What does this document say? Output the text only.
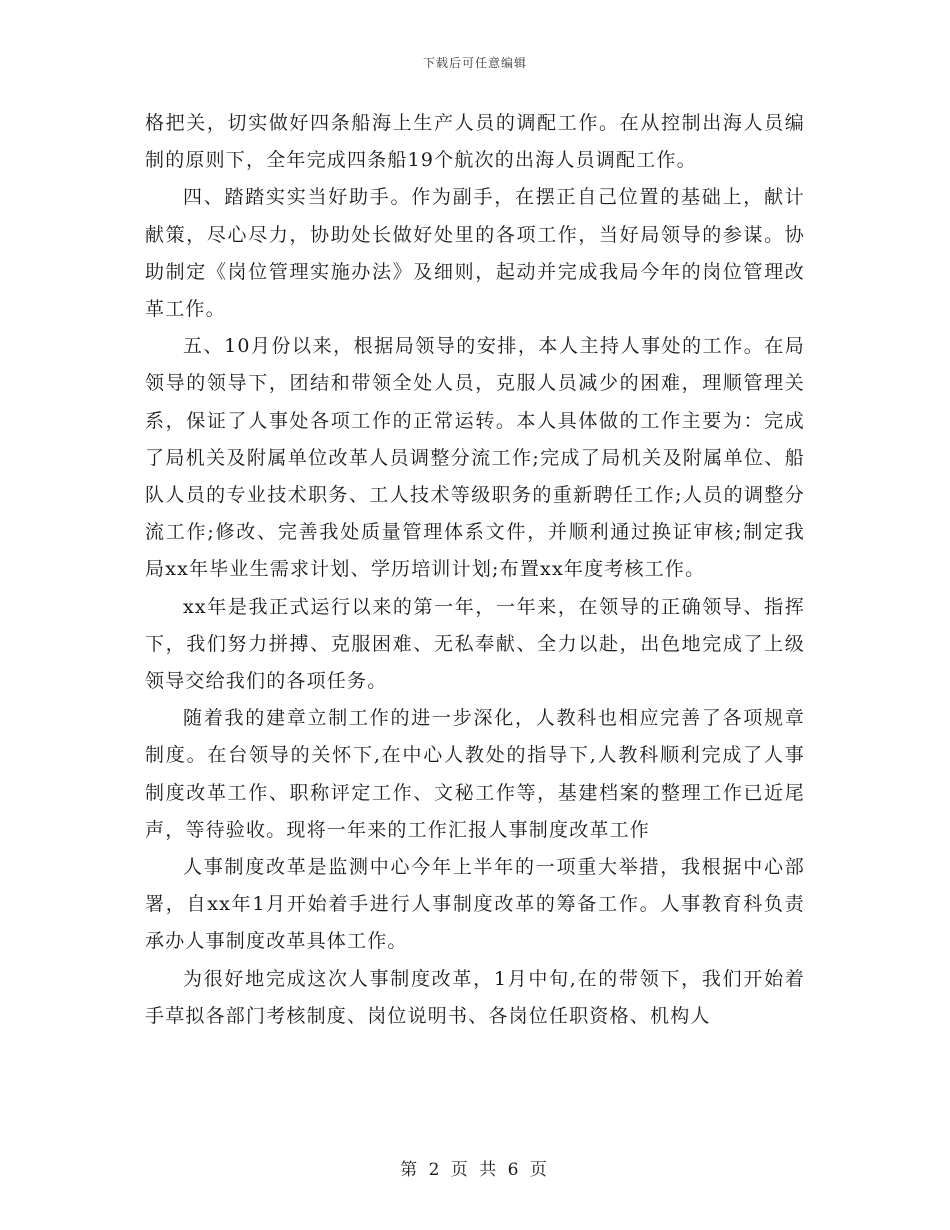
下载后可任意编辑

格把关，切实做好四条船海上生产人员的调配工作。在从控制出海人员编制的原则下，全年完成四条船19个航次的出海人员调配工作。

四、踏踏实实当好助手。作为副手，在摆正自己位置的基础上，献计献策，尽心尽力，协助处长做好处里的各项工作，当好局领导的参谋。协助制定《岗位管理实施办法》及细则，起动并完成我局今年的岗位管理改革工作。

五、10月份以来，根据局领导的安排，本人主持人事处的工作。在局领导的领导下，团结和带领全处人员，克服人员减少的困难，理顺管理关系，保证了人事处各项工作的正常运转。本人具体做的工作主要为：完成了局机关及附属单位改革人员调整分流工作;完成了局机关及附属单位、船队人员的专业技术职务、工人技术等级职务的重新聘任工作;人员的调整分流工作;修改、完善我处质量管理体系文件，并顺利通过换证审核;制定我局xx年毕业生需求计划、学历培训计划;布置xx年度考核工作。

xx年是我正式运行以来的第一年，一年来，在领导的正确领导、指挥下，我们努力拼搏、克服困难、无私奉献、全力以赴，出色地完成了上级领导交给我们的各项任务。

随着我的建章立制工作的进一步深化，人教科也相应完善了各项规章制度。在台领导的关怀下,在中心人教处的指导下,人教科顺利完成了人事制度改革工作、职称评定工作、文秘工作等，基建档案的整理工作已近尾声，等待验收。现将一年来的工作汇报人事制度改革工作

人事制度改革是监测中心今年上半年的一项重大举措，我根据中心部署，自xx年1月开始着手进行人事制度改革的筹备工作。人事教育科负责承办人事制度改革具体工作。

为很好地完成这次人事制度改革，1月中旬,在的带领下，我们开始着手草拟各部门考核制度、岗位说明书、各岗位任职资格、机构人

第 2 页 共 6 页
